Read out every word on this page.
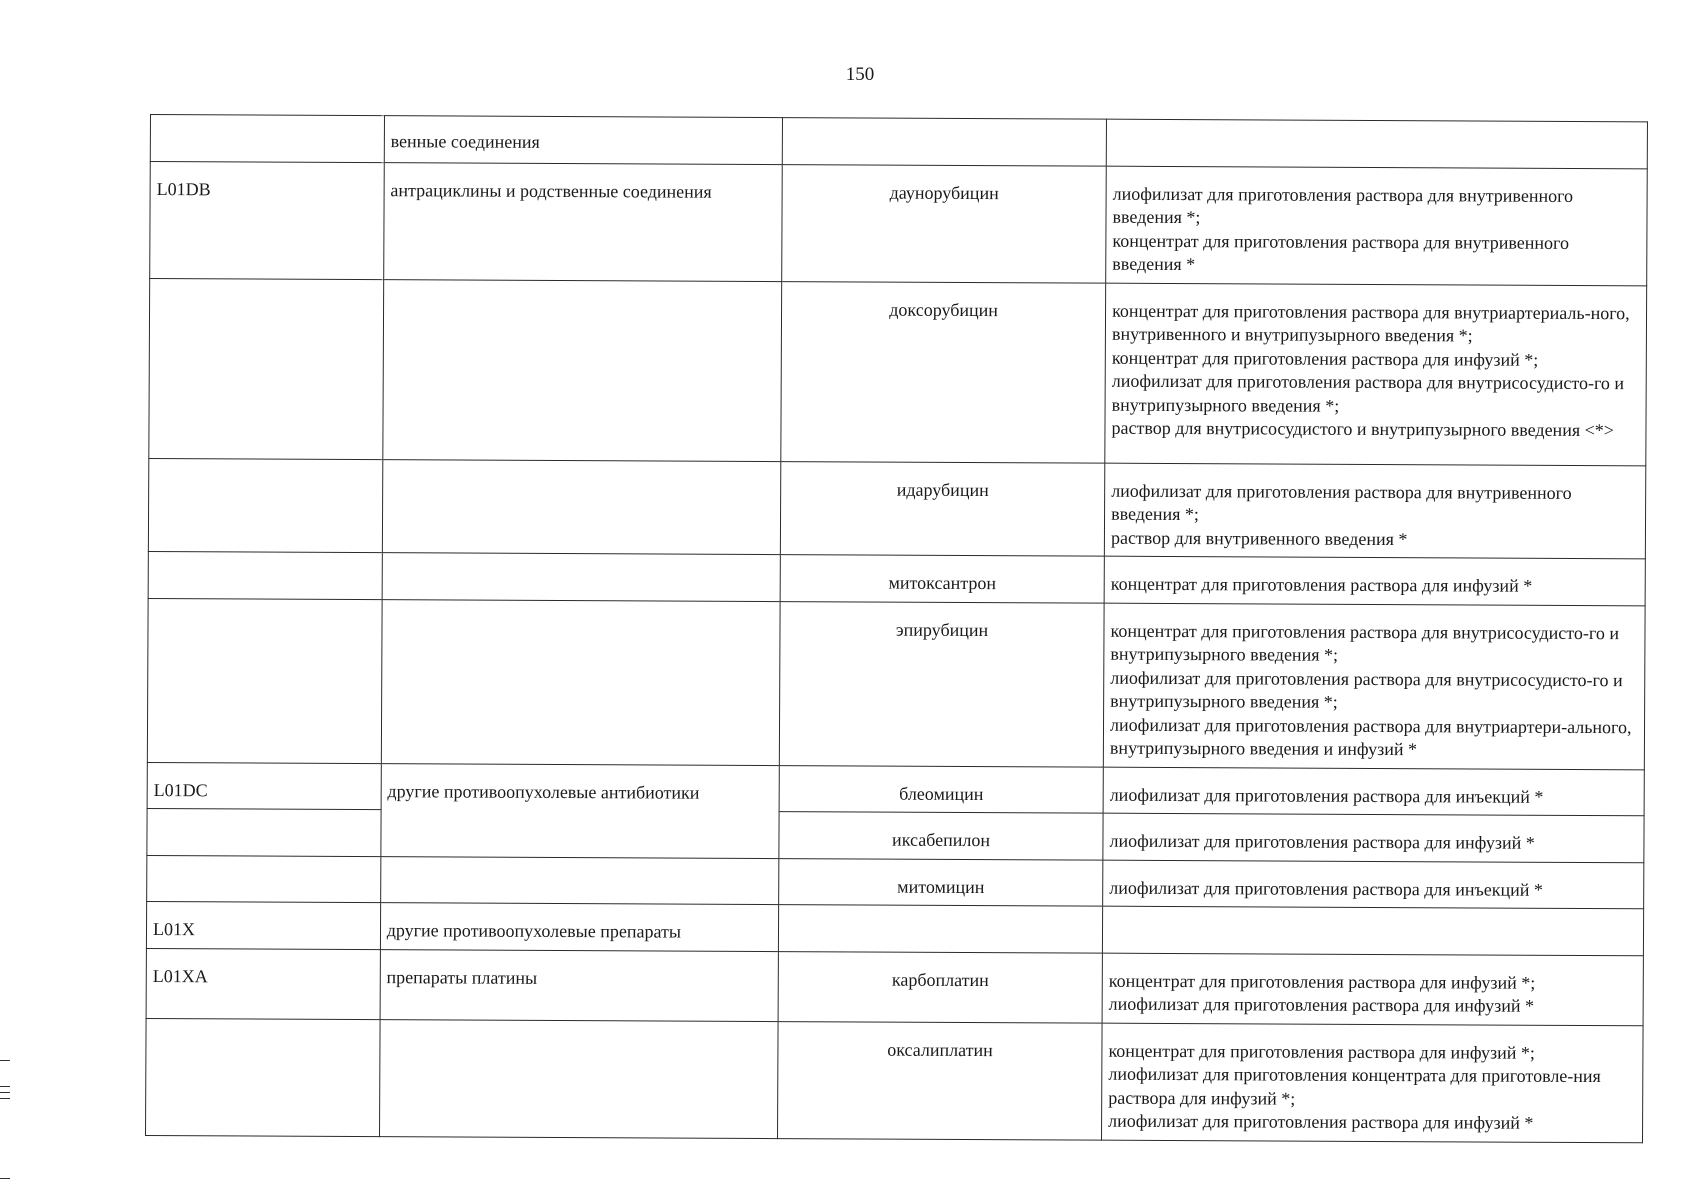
150
	венные соединения		
L01DB	антрациклины и родственные соединения	даунорубицин	лиофилизат для приготовления раствора для внутривенного введения *;
концентрат для приготовления раствора для внутривенного введения *

		доксорубицин	концентрат для приготовления раствора для внутриартериаль-ного, внутривенного и внутрипузырного введения *;
концентрат для приготовления раствора для инфузий *;
лиофилизат для приготовления раствора для внутрисосудисто-го и внутрипузырного введения *;
раствор для внутрисосудистого и внутрипузырного введения <*>

		идарубицин	лиофилизат для приготовления раствора для внутривенного введения *;
раствор для внутривенного введения *

		митоксантрон	концентрат для приготовления раствора для инфузий *

		эпирубицин	концентрат для приготовления раствора для внутрисосудисто-го и внутрипузырного введения *;
лиофилизат для приготовления раствора для внутрисосудисто-го и внутрипузырного введения *;
лиофилизат для приготовления раствора для внутриартери-ального, внутрипузырного введения и инфузий *

L01DC	другие противоопухолевые антибиотики	блеомицин	лиофилизат для приготовления раствора для инъекций *

		иксабепилон	лиофилизат для приготовления раствора для инфузий *

		митомицин	лиофилизат для приготовления раствора для инъекций *

L01X	другие противоопухолевые препараты		
L01XA	препараты платины	карбоплатин	концентрат для приготовления раствора для инфузий *;
лиофилизат для приготовления раствора для инфузий *

		оксалиплатин	концентрат для приготовления раствора для инфузий *;
лиофилизат для приготовления концентрата для приготовле-ния раствора для инфузий *;
лиофилизат для приготовления раствора для инфузий *
